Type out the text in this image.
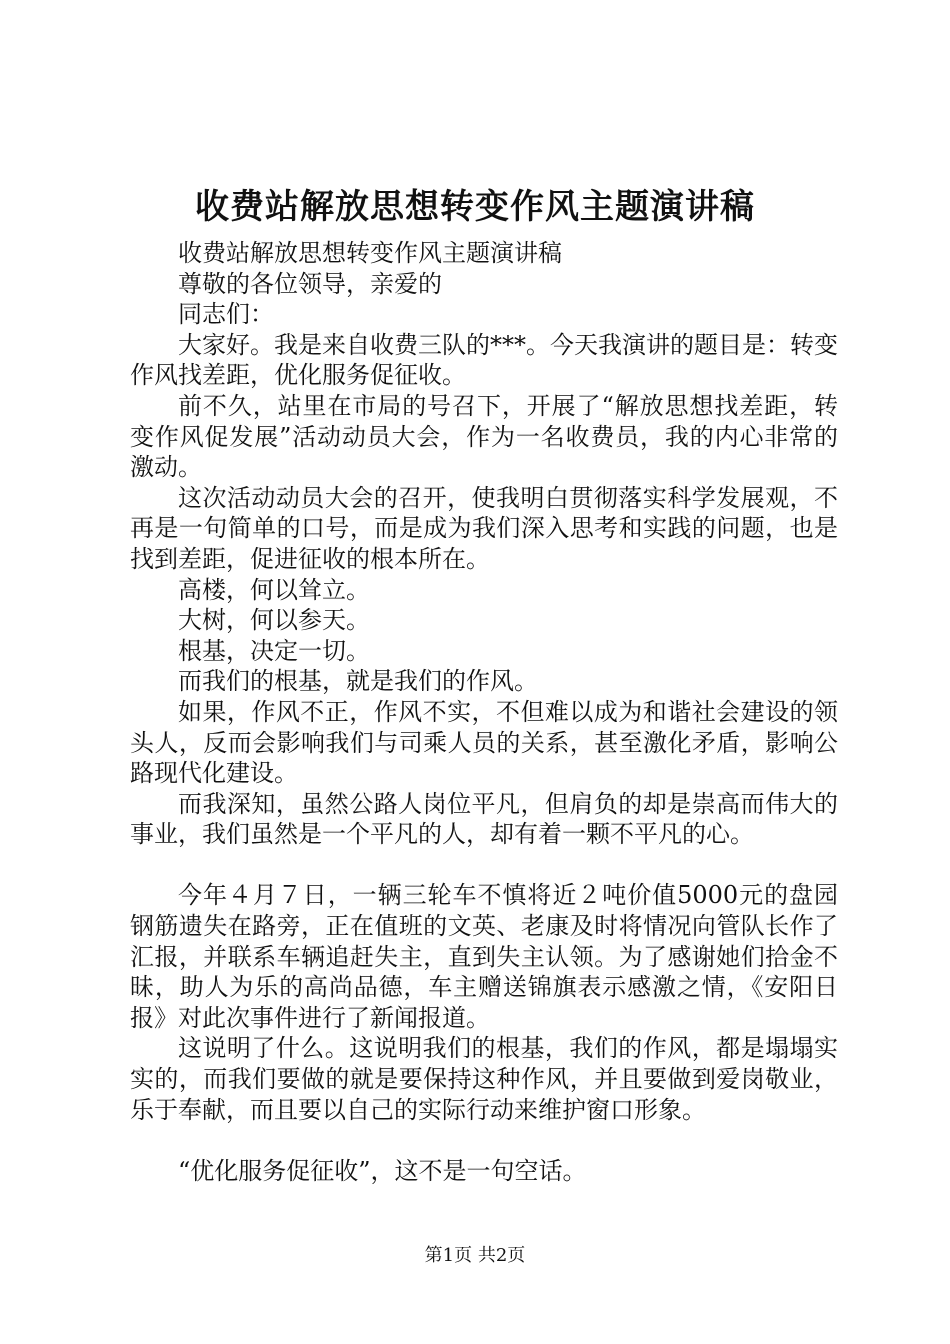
收费站解放思想转变作风主题演讲稿

收费站解放思想转变作风主题演讲稿

尊敬的各位领导，亲爱的

同志们：

大家好。我是来自收费三队的***。今天我演讲的题目是：转变作风找差距，优化服务促征收。

前不久，站里在市局的号召下，开展了“解放思想找差距，转变作风促发展”活动动员大会，作为一名收费员，我的内心非常的激动。

这次活动动员大会的召开，使我明白贯彻落实科学发展观，不再是一句简单的口号，而是成为我们深入思考和实践的问题，也是找到差距，促进征收的根本所在。

高楼，何以耸立。

大树，何以参天。

根基，决定一切。

而我们的根基，就是我们的作风。

如果，作风不正，作风不实，不但难以成为和谐社会建设的领头人，反而会影响我们与司乘人员的关系，甚至激化矛盾，影响公路现代化建设。

而我深知，虽然公路人岗位平凡，但肩负的却是崇高而伟大的事业，我们虽然是一个平凡的人，却有着一颗不平凡的心。

今年４月７日，一辆三轮车不慎将近２吨价值5000元的盘园钢筋遗失在路旁，正在值班的文英、老康及时将情况向管队长作了汇报，并联系车辆追赶失主，直到失主认领。为了感谢她们拾金不昧，助人为乐的高尚品德，车主赠送锦旗表示感激之情，《安阳日报》对此次事件进行了新闻报道。

这说明了什么。这说明我们的根基，我们的作风，都是塌塌实实的，而我们要做的就是要保持这种作风，并且要做到爱岗敬业，乐于奉献，而且要以自己的实际行动来维护窗口形象。

“优化服务促征收”，这不是一句空话。

第1页 共2页
